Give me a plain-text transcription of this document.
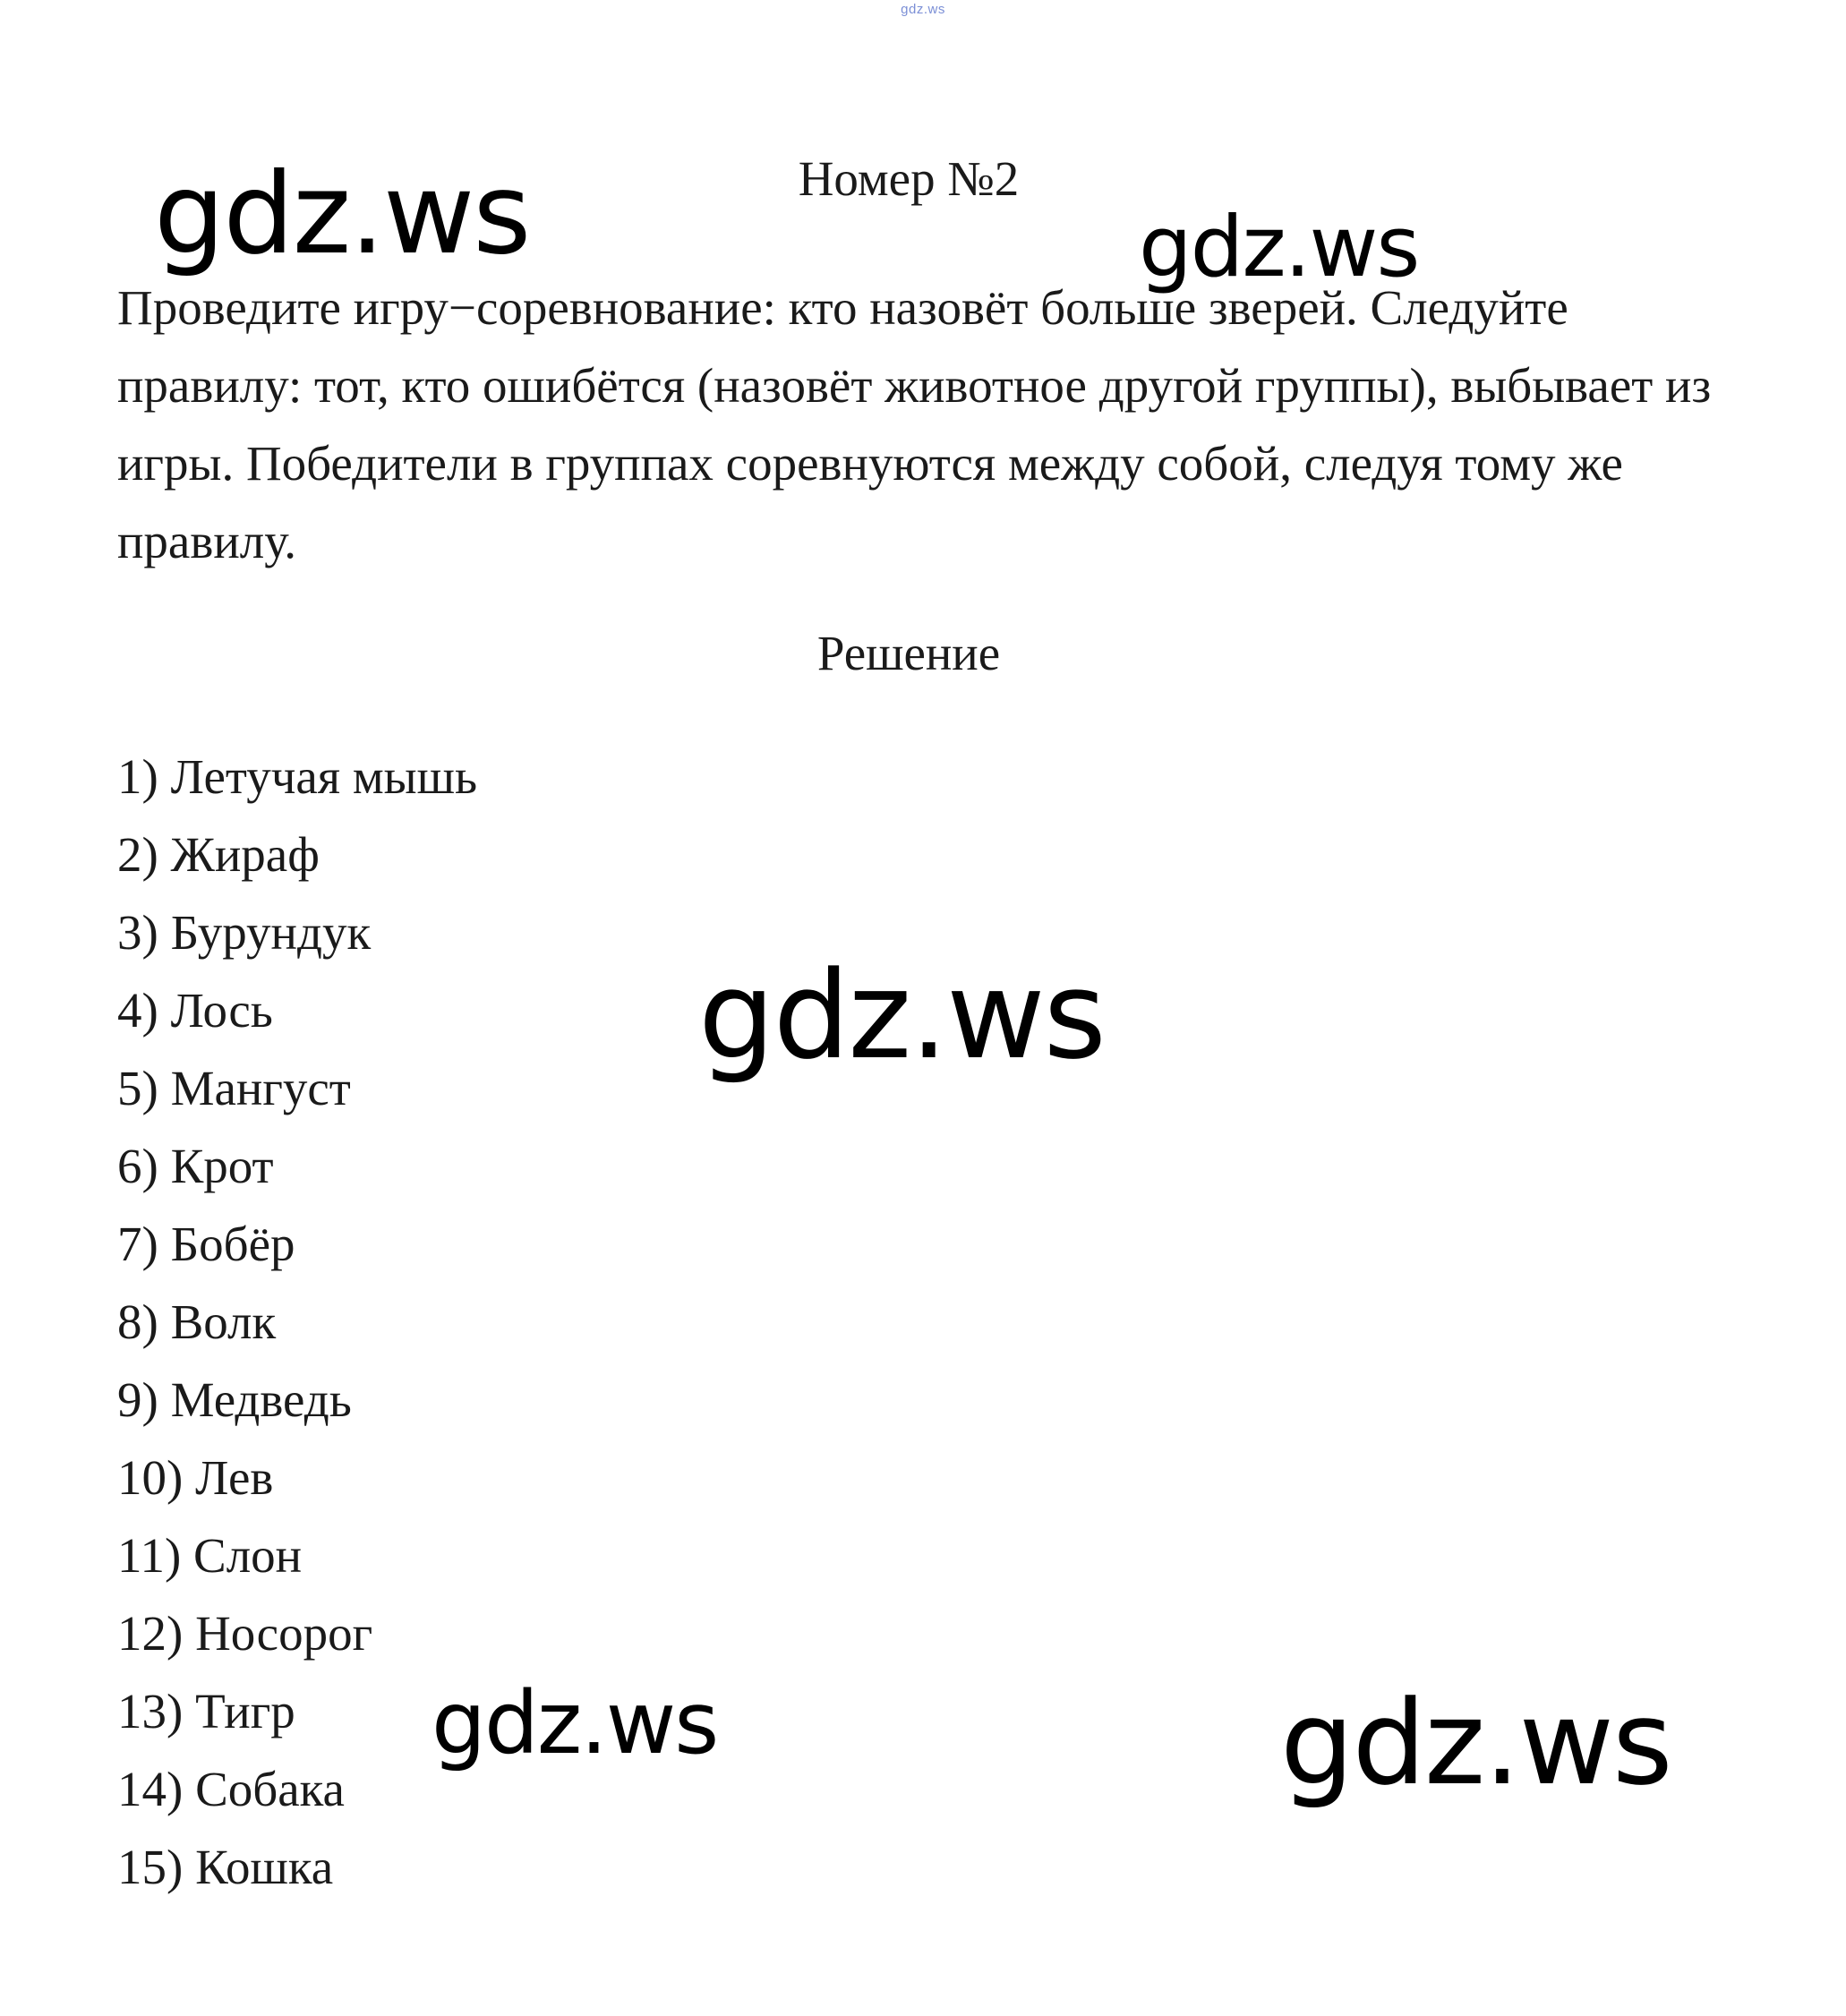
gdz.ws
Номер №2

Проведите игру−соревнование: кто назовёт больше зверей. Следуйте правилу: тот, кто ошибётся (назовёт животное другой группы), выбывает из игры. Победители в группах соревнуются между собой, следуя тому же правилу.

Решение
1) Летучая мышь
2) Жираф
3) Бурундук
4) Лось
5) Мангуст
6) Крот
7) Бобёр
8) Волк
9) Медведь
10) Лев
11) Слон
12) Носорог
13) Тигр
14) Собака
15) Кошка
gdz.ws	gdz.ws
gdz.ws
gdz.ws	gdz.ws
